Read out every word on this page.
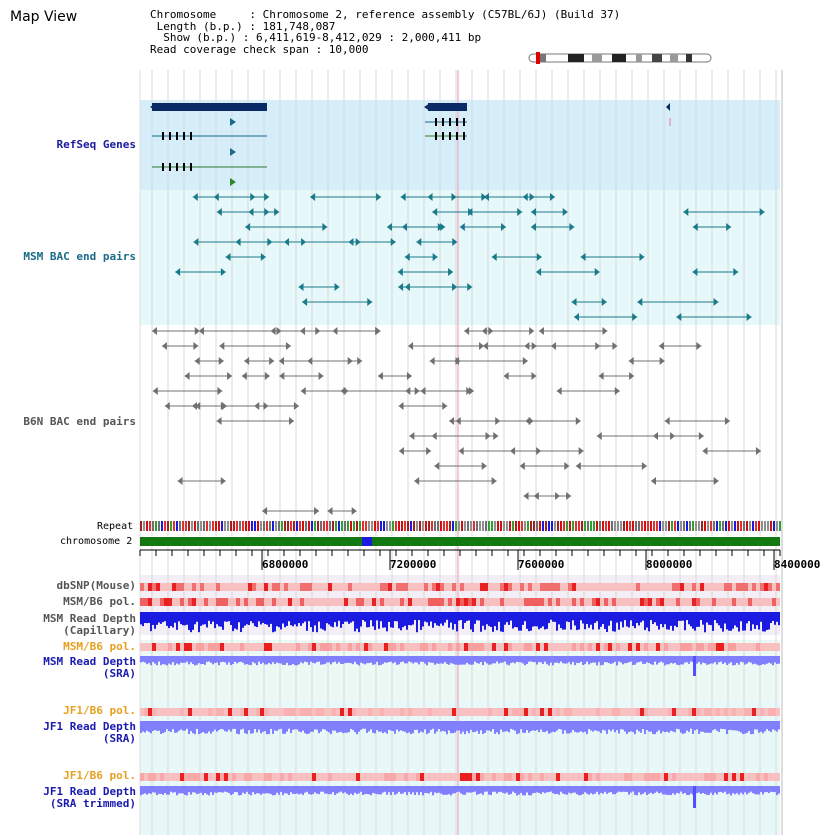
Map View	Chromosome     : Chromosome 2, reference assembly (C57BL/6J) (Build 37)
Length (b.p.) : 181,748,087
Show (b.p.) : 6,411,619-8,412,029 : 2,000,411 bp
Read coverage check span : 10,000
RefSeq Genes
MSM BAC end pairs
B6N BAC end pairs
Repeat
chromosome 2
dbSNP(Mouse)
MSM/B6 pol.
MSM Read Depth
(Capillary)
MSM/B6 pol.
MSM Read Depth
(SRA)
JF1/B6 pol.
JF1 Read Depth
(SRA)
JF1/B6 pol.
JF1 Read Depth
(SRA trimmed)
6800000	7200000	7600000	8000000	8400000
